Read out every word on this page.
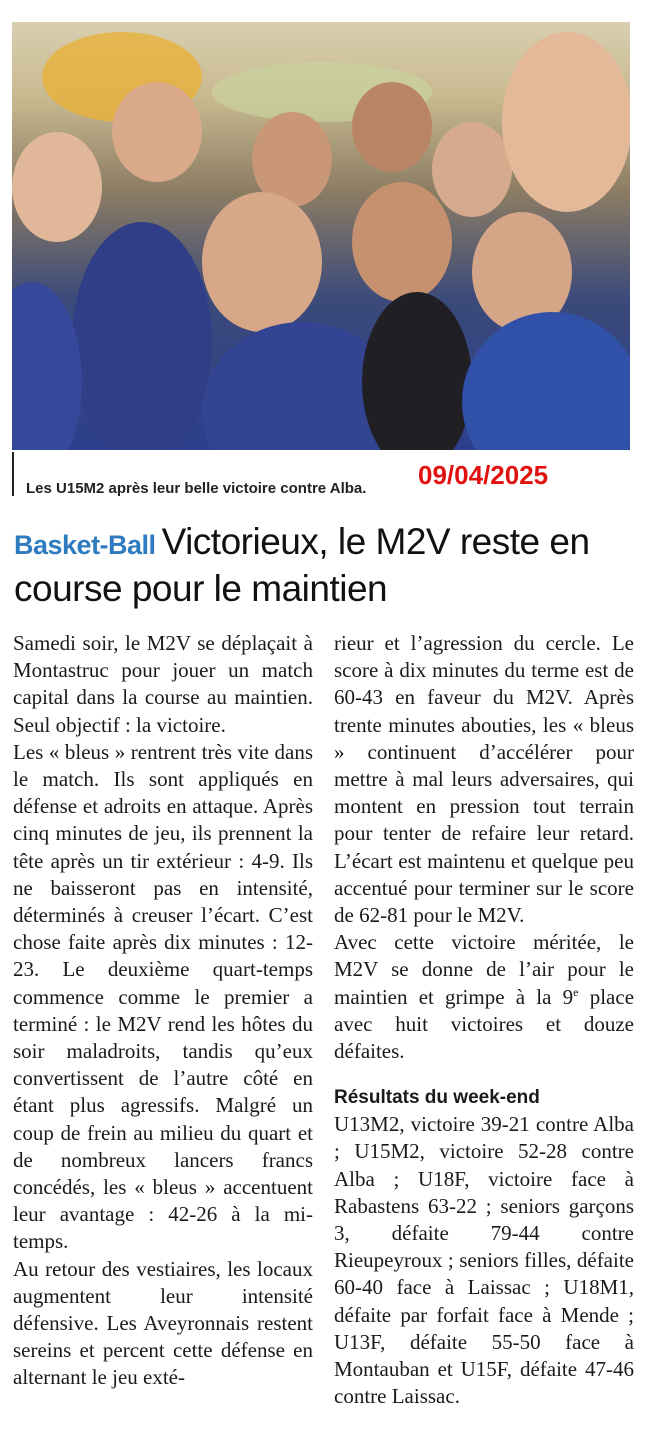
Les U15M2 après leur belle victoire contre Alba. 09/04/2025
Basket-Ball Victorieux, le M2V reste en course pour le maintien

Samedi soir, le M2V se déplaçait à Montastruc pour jouer un match capital dans la course au maintien. Seul objectif : la victoire.

Les « bleus » rentrent très vite dans le match. Ils sont appliqués en défense et adroits en attaque. Après cinq minutes de jeu, ils prennent la tête après un tir extérieur : 4-9. Ils ne baisseront pas en intensité, déterminés à creuser l’écart. C’est chose faite après dix minutes : 12-23. Le deuxième quart-temps commence comme le premier a terminé : le M2V rend les hôtes du soir maladroits, tandis qu’eux convertissent de l’autre côté en étant plus agressifs. Malgré un coup de frein au milieu du quart et de nombreux lancers francs concédés, les « bleus » accentuent leur avantage : 42-26 à la mi-temps.

Au retour des vestiaires, les locaux augmentent leur intensité défensive. Les Aveyronnais restent sereins et percent cette défense en alternant le jeu exté-

rieur et l’agression du cercle. Le score à dix minutes du terme est de 60-43 en faveur du M2V. Après trente minutes abouties, les « bleus » continuent d’accélérer pour mettre à mal leurs adversaires, qui montent en pression tout terrain pour tenter de refaire leur retard. L’écart est maintenu et quelque peu accentué pour terminer sur le score de 62-81 pour le M2V.

Avec cette victoire méritée, le M2V se donne de l’air pour le maintien et grimpe à la 9e place avec huit victoires et douze défaites.

Résultats du week-end

U13M2, victoire 39-21 contre Alba ; U15M2, victoire 52-28 contre Alba ; U18F, victoire face à Rabastens 63-22 ; seniors garçons 3, défaite 79-44 contre Rieupeyroux ; seniors filles, défaite 60-40 face à Laissac ; U18M1, défaite par forfait face à Mende ; U13F, défaite 55-50 face à Montauban et U15F, défaite 47-46 contre Laissac.
